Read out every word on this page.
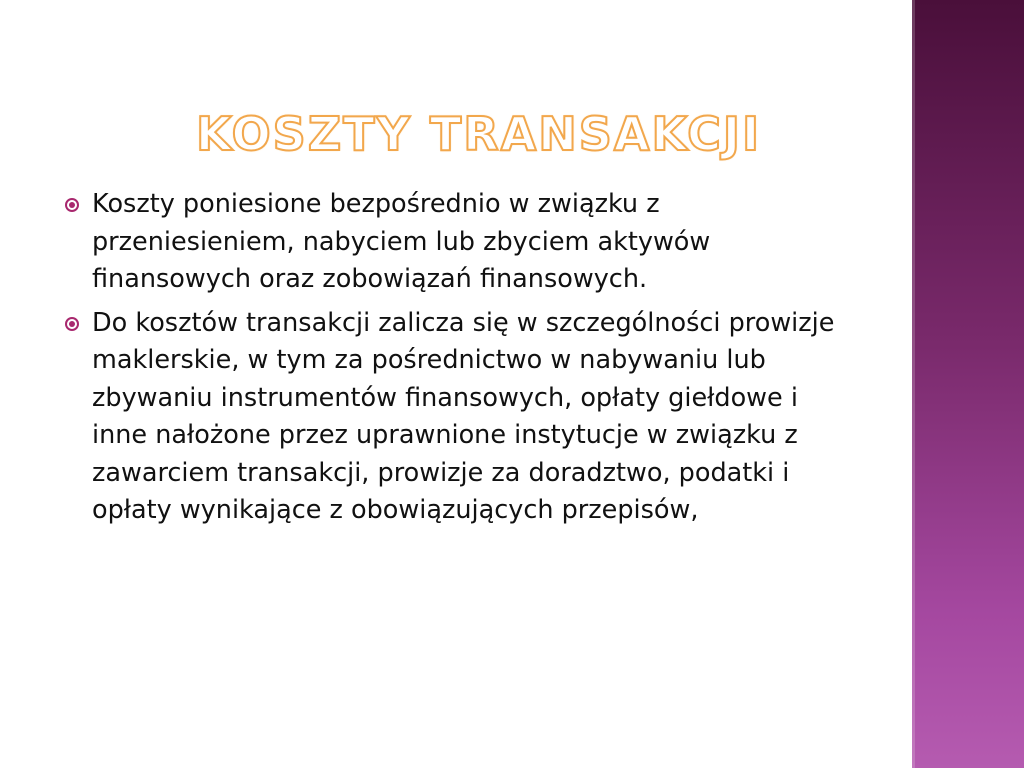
KOSZTY TRANSAKCJI

Koszty poniesione bezpośrednio w związku z przeniesieniem, nabyciem lub zbyciem aktywów finansowych oraz zobowiązań finansowych.

Do kosztów transakcji zalicza się w szczególności prowizje maklerskie, w tym za pośrednictwo w nabywaniu lub zbywaniu instrumentów finansowych, opłaty giełdowe i inne nałożone przez uprawnione instytucje w związku z zawarciem transakcji, prowizje za doradztwo, podatki i opłaty wynikające z obowiązujących przepisów,
